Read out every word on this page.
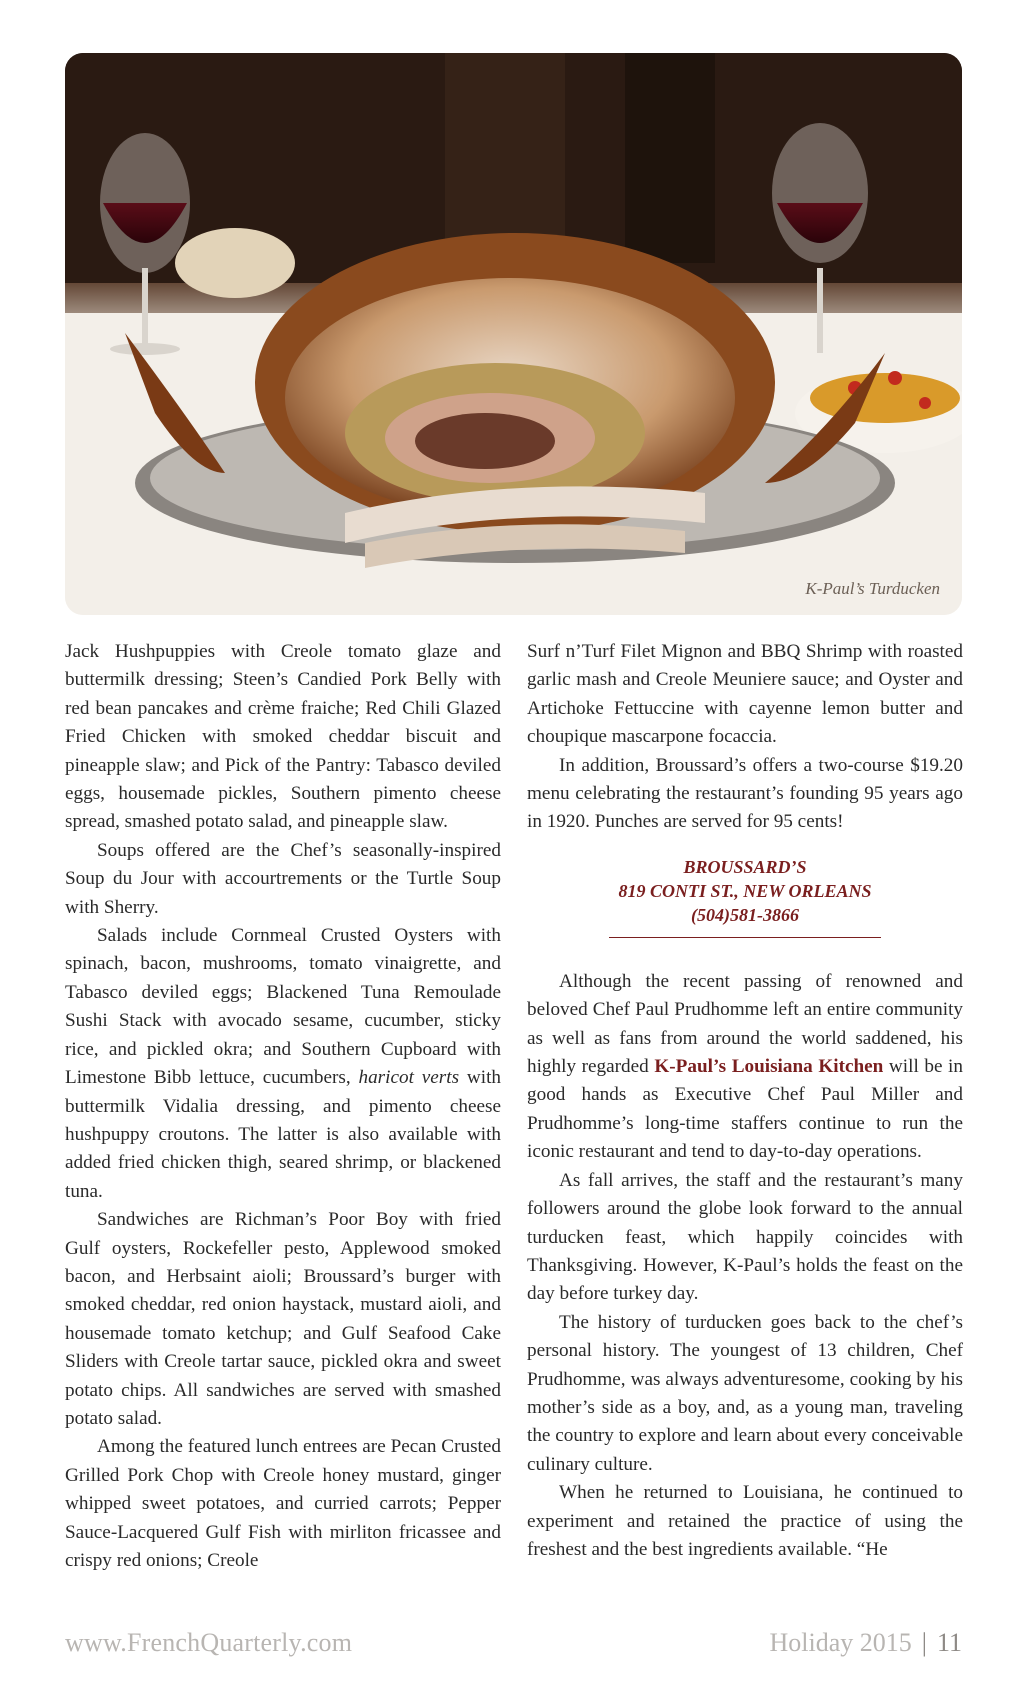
K-Paul’s Turducken

Jack Hushpuppies with Creole tomato glaze and buttermilk dressing; Steen’s Candied Pork Belly with red bean pancakes and crème fraiche; Red Chili Glazed Fried Chicken with smoked cheddar biscuit and pineapple slaw; and Pick of the Pantry: Tabasco deviled eggs, housemade pickles, Southern pimento cheese spread, smashed potato salad, and pineapple slaw.

Soups offered are the Chef’s seasonally-inspired Soup du Jour with accourtrements or the Turtle Soup with Sherry.

Salads include Cornmeal Crusted Oysters with spinach, bacon, mushrooms, tomato vinaigrette, and Tabasco deviled eggs; Blackened Tuna Remoulade Sushi Stack with avocado sesame, cucumber, sticky rice, and pickled okra; and Southern Cupboard with Limestone Bibb lettuce, cucumbers, haricot verts with buttermilk Vidalia dressing, and pimento cheese hushpuppy croutons. The latter is also available with added fried chicken thigh, seared shrimp, or blackened tuna.

Sandwiches are Richman’s Poor Boy with fried Gulf oysters, Rockefeller pesto, Applewood smoked bacon, and Herbsaint aioli; Broussard’s burger with smoked cheddar, red onion haystack, mustard aioli, and housemade tomato ketchup; and Gulf Seafood Cake Sliders with Creole tartar sauce, pickled okra and sweet potato chips. All sandwiches are served with smashed potato salad.

Among the featured lunch entrees are Pecan Crusted Grilled Pork Chop with Creole honey mustard, ginger whipped sweet potatoes, and curried carrots; Pepper Sauce-Lacquered Gulf Fish with mirliton fricassee and crispy red onions; Creole

Surf n’Turf Filet Mignon and BBQ Shrimp with roasted garlic mash and Creole Meuniere sauce; and Oyster and Artichoke Fettuccine with cayenne lemon butter and choupique mascarpone focaccia.

In addition, Broussard’s offers a two-course $19.20 menu celebrating the restaurant’s founding 95 years ago in 1920. Punches are served for 95 cents!

BROUSSARD’S
819 CONTI ST., NEW ORLEANS
(504)581-3866

Although the recent passing of renowned and beloved Chef Paul Prudhomme left an entire community as well as fans from around the world saddened, his highly regarded K-Paul’s Louisiana Kitchen will be in good hands as Executive Chef Paul Miller and Prudhomme’s long-time staffers continue to run the iconic restaurant and tend to day-to-day operations.

As fall arrives, the staff and the restaurant’s many followers around the globe look forward to the annual turducken feast, which happily coincides with Thanksgiving. However, K-Paul’s holds the feast on the day before turkey day.

The history of turducken goes back to the chef’s personal history. The youngest of 13 children, Chef Prudhomme, was always adventuresome, cooking by his mother’s side as a boy, and, as a young man, traveling the country to explore and learn about every conceivable culinary culture.

When he returned to Louisiana, he continued to experiment and retained the practice of using the freshest and the best ingredients available. “He

www.FrenchQuarterly.com	Holiday 2015 | 11
